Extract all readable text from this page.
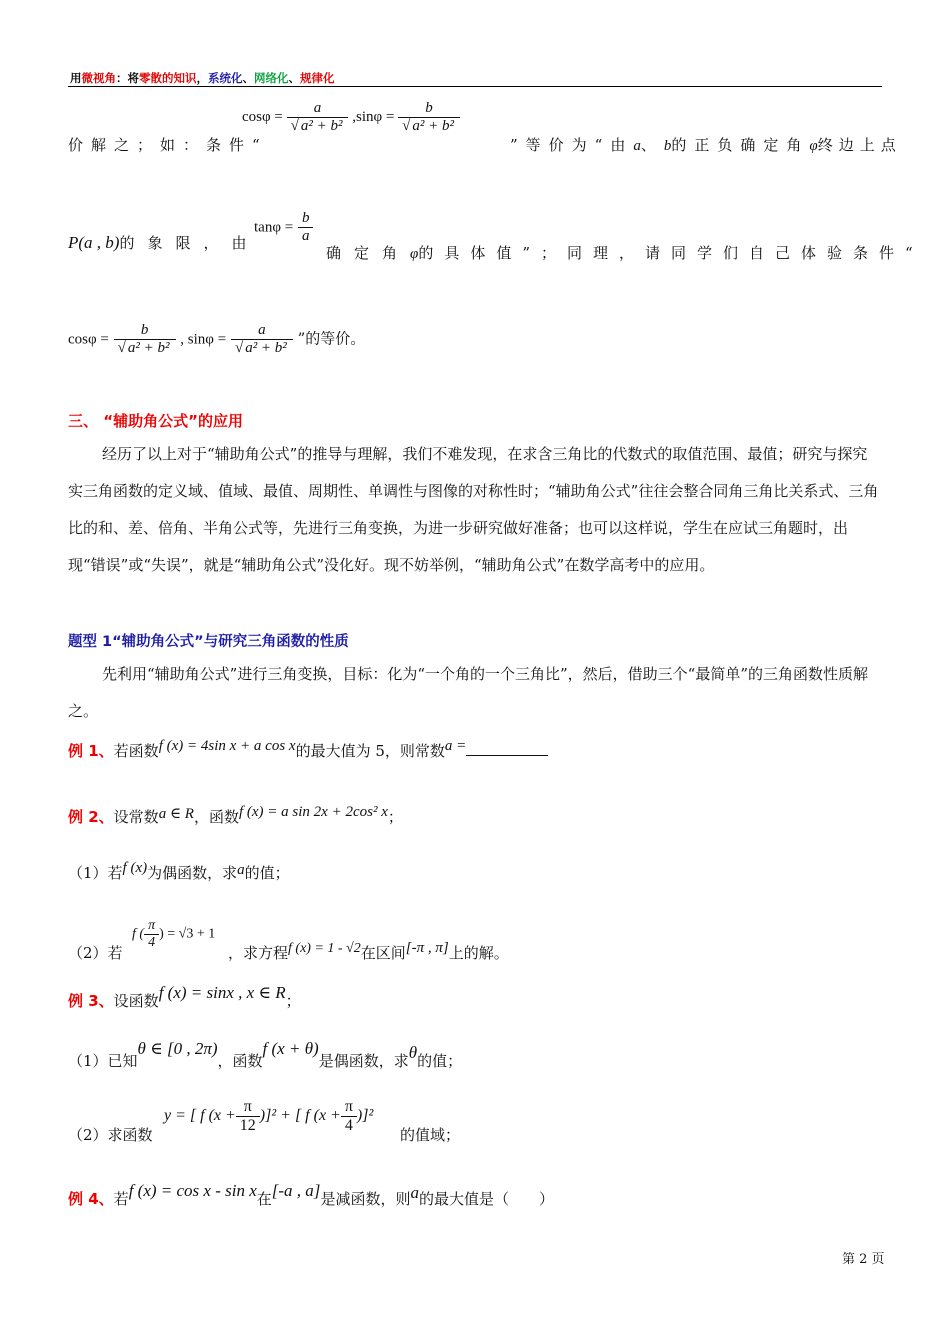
用微视角：将零散的知识，系统化、网络化、规律化
价解之；如：条件“
$\cos\varphi = \frac{a}{\text{√ a² + b²}} ,\sin\varphi = \frac{b}{\text{√ a² + b²}}$
”等价为“由a、b的正负确定角φ终边上点
P(a , b)的象限，由
$\tan\varphi = \frac{b}{a}$
确定角φ的具体值”；同理，请同学们自己体验条件“
$\cos\varphi = \frac{b}{\text{√ a² + b²}}$ , $\sin\varphi = \frac{a}{\text{√ a² + b²}}$ ”的等价。
三、 “辅助角公式”的应用
经历了以上对于“辅助角公式”的推导与理解，我们不难发现，在求含三角比的代数式的取值范围、最值；研究与探究实三角函数的定义域、值域、最值、周期性、单调性与图像的对称性时；“辅助角公式”往往会整合同角三角比关系式、三角比的和、差、倍角、半角公式等，先进行三角变换，为进一步研究做好准备；也可以这样说，学生在应试三角题时，出现“错误”或“失误”，就是“辅助角公式”没化好。现不妨举例，“辅助角公式”在数学高考中的应用。
题型 1“辅助角公式”与研究三角函数的性质
先利用“辅助角公式”进行三角变换，目标：化为“一个角的一个三角比”，然后，借助三个“最简单”的三角函数性质解之。
例 1、若函数f (x) = 4sin x + a cos x的最大值为 5，则常数a =
例 2、设常数a ∈ R，函数f (x) = a sin 2x + 2cos² x；
（1）若f (x)为偶函数，求a的值；
（2）若
f ( $\frac{\pi}{4}$ ) = √3 + 1
，求方程f (x) = 1 - √2在区间[-π , π]上的解。
例 3、设函数f (x) = sinx , x ∈ R；
（1）已知θ ∈ [0 , 2π)，函数f (x + θ)是偶函数，求θ的值；
（2）求函数
y = [ f $(x + \frac{\pi}{12} )]^2$ + [ f $(x + \frac{\pi}{4} )]^2$
的值域；
例 4、若f (x) = cos x - sin x在[-a , a]是减函数，则a的最大值是（　　）
第 2 页
